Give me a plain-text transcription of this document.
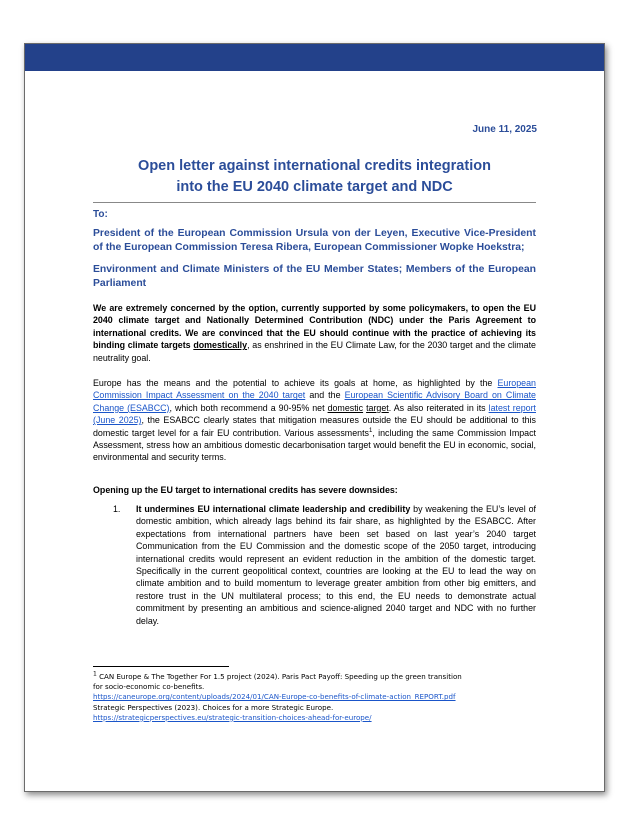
June 11, 2025
Open letter against international credits integration
into the EU 2040 climate target and NDC
To:
President of the European Commission Ursula von der Leyen, Executive Vice-President of the European Commission Teresa Ribera, European Commissioner Wopke Hoekstra;
Environment and Climate Ministers of the EU Member States; Members of the European Parliament
We are extremely concerned by the option, currently supported by some policymakers, to open the EU 2040 climate target and Nationally Determined Contribution (NDC) under the Paris Agreement to international credits. We are convinced that the EU should continue with the practice of achieving its binding climate targets domestically, as enshrined in the EU Climate Law, for the 2030 target and the climate neutrality goal.
Europe has the means and the potential to achieve its goals at home, as highlighted by the European Commission Impact Assessment on the 2040 target and the European Scientific Advisory Board on Climate Change (ESABCC), which both recommend a 90-95% net domestic target. As also reiterated in its latest report (June 2025), the ESABCC clearly states that mitigation measures outside the EU should be additional to this domestic target level for a fair EU contribution. Various assessments$^1$, including the same Commission Impact Assessment, stress how an ambitious domestic decarbonisation target would benefit the EU in economic, social, environmental and security terms.
Opening up the EU target to international credits has severe downsides:
1. It undermines EU international climate leadership and credibility by weakening the EU’s level of domestic ambition, which already lags behind its fair share, as highlighted by the ESABCC. After expectations from international partners have been set based on last year’s 2040 target Communication from the EU Commission and the domestic scope of the 2050 target, introducing international credits would represent an evident reduction in the ambition of the domestic target. Specifically in the current geopolitical context, countries are looking at the EU to lead the way on climate ambition and to build momentum to leverage greater ambition from other big emitters, and restore trust in the UN multilateral process; to this end, the EU needs to demonstrate actual commitment by presenting an ambitious and science-aligned 2040 target and NDC with no further delay.
$^1$ CAN Europe & The Together For 1.5 project (2024). Paris Pact Payoff: Speeding up the green transition
for socio-economic co-benefits.
https://caneurope.org/content/uploads/2024/01/CAN-Europe-co-benefits-of-climate-action_REPORT.pdf
Strategic Perspectives (2023). Choices for a more Strategic Europe.
https://strategicperspectives.eu/strategic-transition-choices-ahead-for-europe/
